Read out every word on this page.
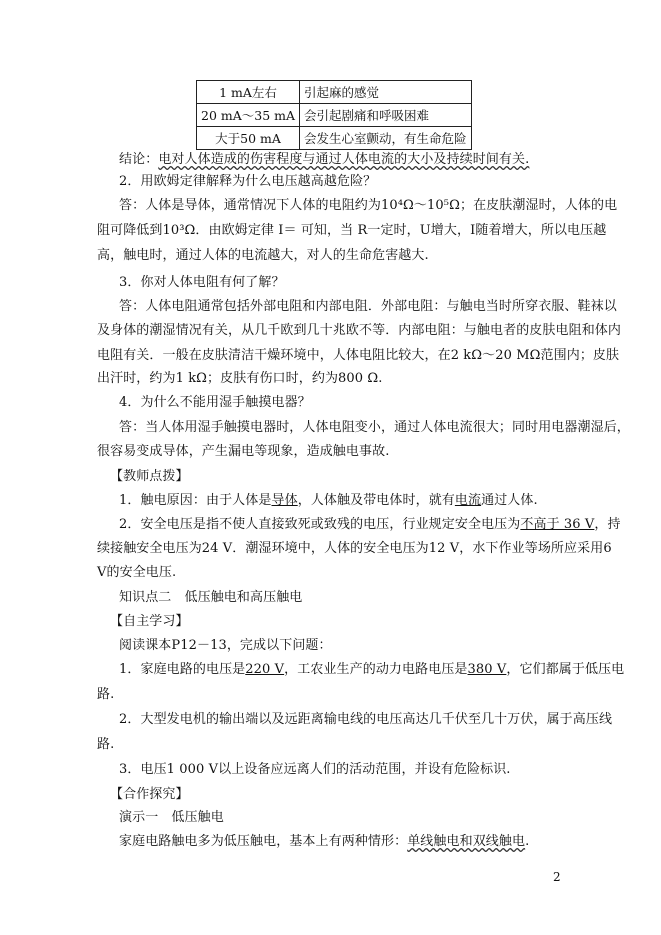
1 mA左右	引起麻的感觉
20 mA～35 mA	会引起剧痛和呼吸困难
大于50 mA	会发生心室颤动，有生命危险
结论：电对人体造成的伤害程度与通过人体电流的大小及持续时间有关.
2．用欧姆定律解释为什么电压越高越危险？
答：人体是导体，通常情况下人体的电阻约为10⁴Ω～10⁵Ω；在皮肤潮湿时，人体的电
阻可降低到10³Ω．由欧姆定律 I＝ 可知，当 R一定时，U增大，I随着增大，所以电压越
高，触电时，通过人体的电流越大，对人的生命危害越大.
3．你对人体电阻有何了解？
答：人体电阻通常包括外部电阻和内部电阻．外部电阻：与触电当时所穿衣服、鞋袜以
及身体的潮湿情况有关，从几千欧到几十兆欧不等．内部电阻：与触电者的皮肤电阻和体内
电阻有关．一般在皮肤清洁干燥环境中，人体电阻比较大，在2 kΩ～20 MΩ范围内；皮肤
出汗时，约为1 kΩ；皮肤有伤口时，约为800 Ω.
4．为什么不能用湿手触摸电器？
答：当人体用湿手触摸电器时，人体电阻变小，通过人体电流很大；同时用电器潮湿后，
很容易变成导体，产生漏电等现象，造成触电事故.
【教师点拨】
1．触电原因：由于人体是导体，人体触及带电体时，就有电流通过人体.
2．安全电压是指不使人直接致死或致残的电压，行业规定安全电压为不高于 36 V，持
续接触安全电压为24 V．潮湿环境中，人体的安全电压为12 V，水下作业等场所应采用6
V的安全电压.
知识点二　低压触电和高压触电
【自主学习】
阅读课本P12－13，完成以下问题：
1．家庭电路的电压是220 V，工农业生产的动力电路电压是380 V，它们都属于低压电
路.
2．大型发电机的输出端以及远距离输电线的电压高达几千伏至几十万伏，属于高压线
路.
3．电压1 000 V以上设备应远离人们的活动范围，并设有危险标识.
【合作探究】
演示一　低压触电
家庭电路触电多为低压触电，基本上有两种情形：单线触电和双线触电.
2
